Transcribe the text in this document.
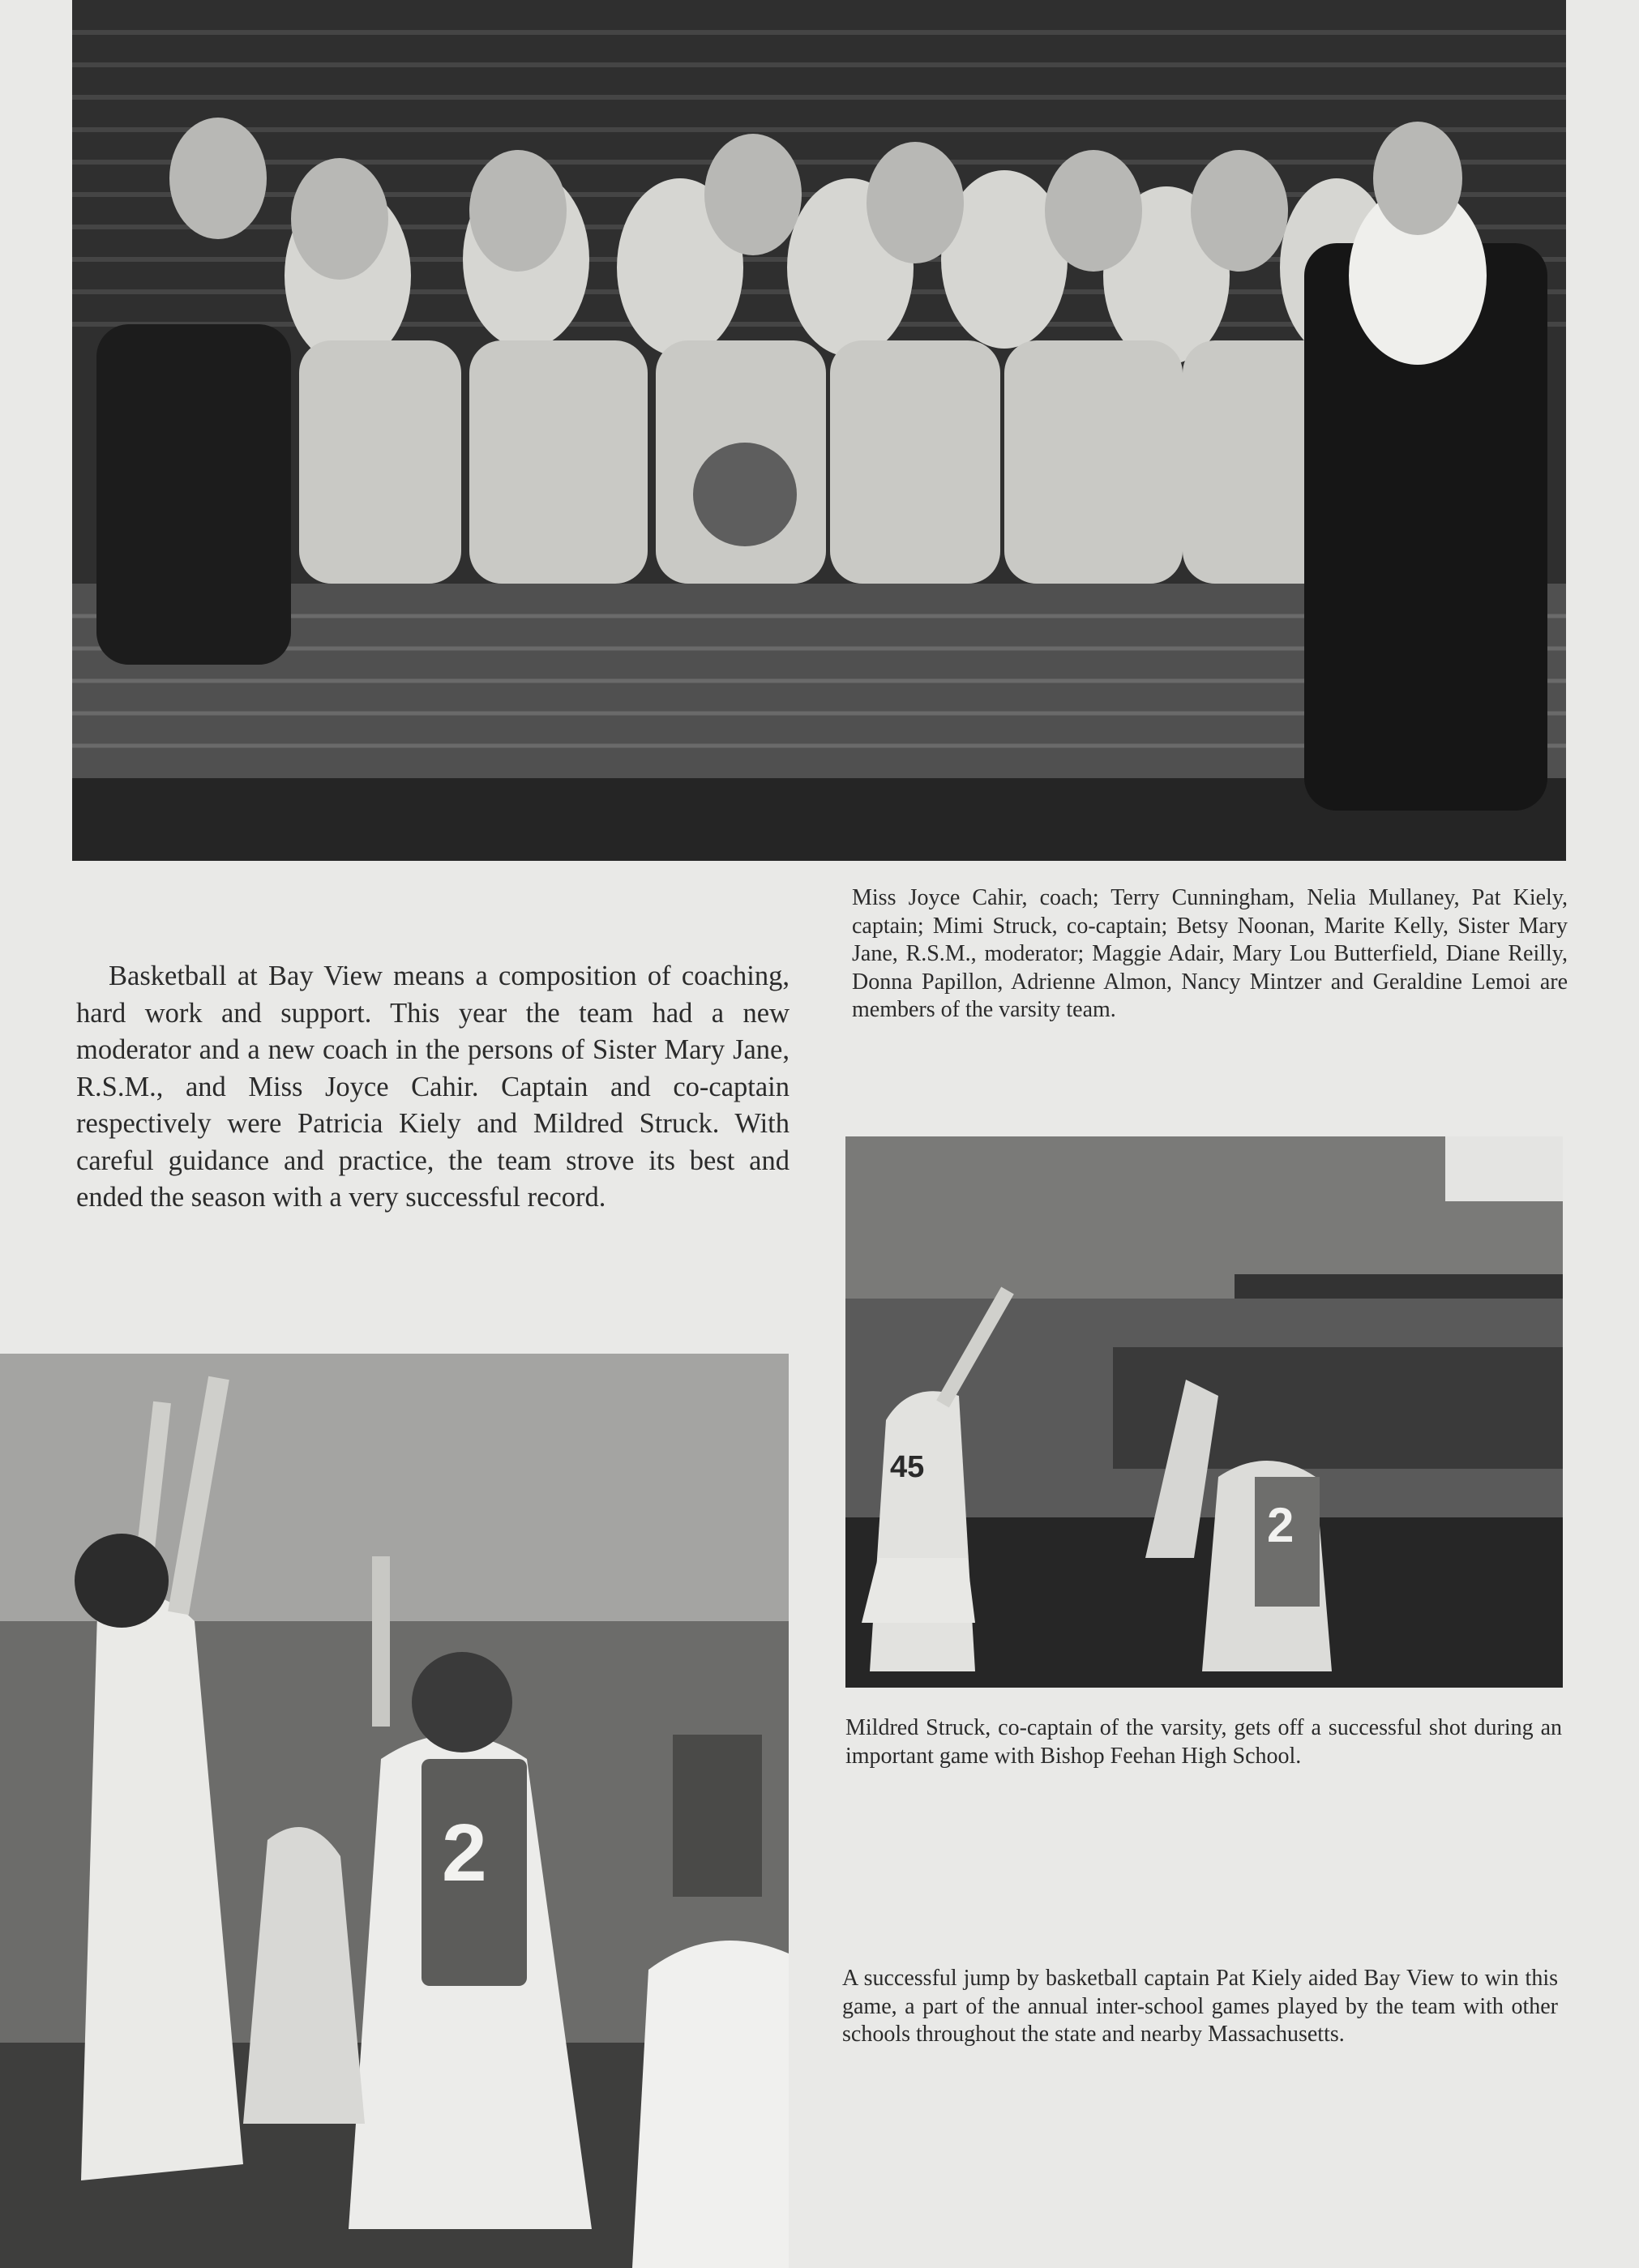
Basketball at Bay View means a composition of coaching, hard work and support. This year the team had a new moderator and a new coach in the persons of Sister Mary Jane, R.S.M., and Miss Joyce Cahir. Captain and co-captain respectively were Patricia Kiely and Mildred Struck. With careful guidance and practice, the team strove its best and ended the season with a very successful record.

Miss Joyce Cahir, coach; Terry Cunningham, Nelia Mullaney, Pat Kiely, captain; Mimi Struck, co-captain; Betsy Noonan, Marite Kelly, Sister Mary Jane, R.S.M., moderator; Maggie Adair, Mary Lou Butterfield, Diane Reilly, Donna Papillon, Adrienne Almon, Nancy Mintzer and Geraldine Lemoi are members of the varsity team.

45
2

Mildred Struck, co-captain of the varsity, gets off a successful shot during an important game with Bishop Feehan High School.

2

A successful jump by basketball captain Pat Kiely aided Bay View to win this game, a part of the annual inter-school games played by the team with other schools throughout the state and nearby Massachusetts.
